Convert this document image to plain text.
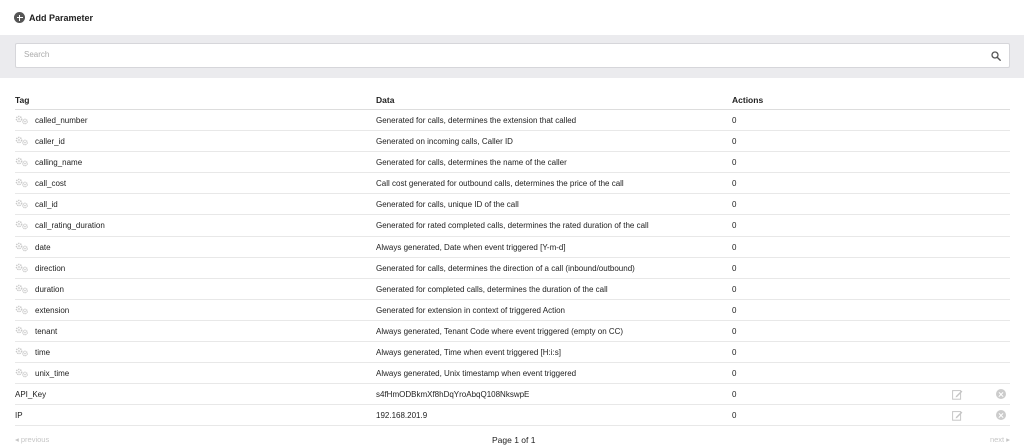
Add Parameter
Search
Tag	Data	Actions
called_number	Generated for calls, determines the extension that called	0
caller_id	Generated on incoming calls, Caller ID	0
calling_name	Generated for calls, determines the name of the caller	0
call_cost	Call cost generated for outbound calls, determines the price of the call	0
call_id	Generated for calls, unique ID of the call	0
call_rating_duration	Generated for rated completed calls, determines the rated duration of the call	0
date	Always generated, Date when event triggered [Y-m-d]	0
direction	Generated for calls, determines the direction of a call (inbound/outbound)	0
duration	Generated for completed calls, determines the duration of the call	0
extension	Generated for extension in context of triggered Action	0
tenant	Always generated, Tenant Code where event triggered (empty on CC)	0
time	Always generated, Time when event triggered [H:i:s]	0
unix_time	Always generated, Unix timestamp when event triggered	0
API_Key	s4fHmODBkmXf8hDqYroAbqQ108NkswpE	0
IP	192.168.201.9	0
◂ previous	Page 1 of 1	next ▸
